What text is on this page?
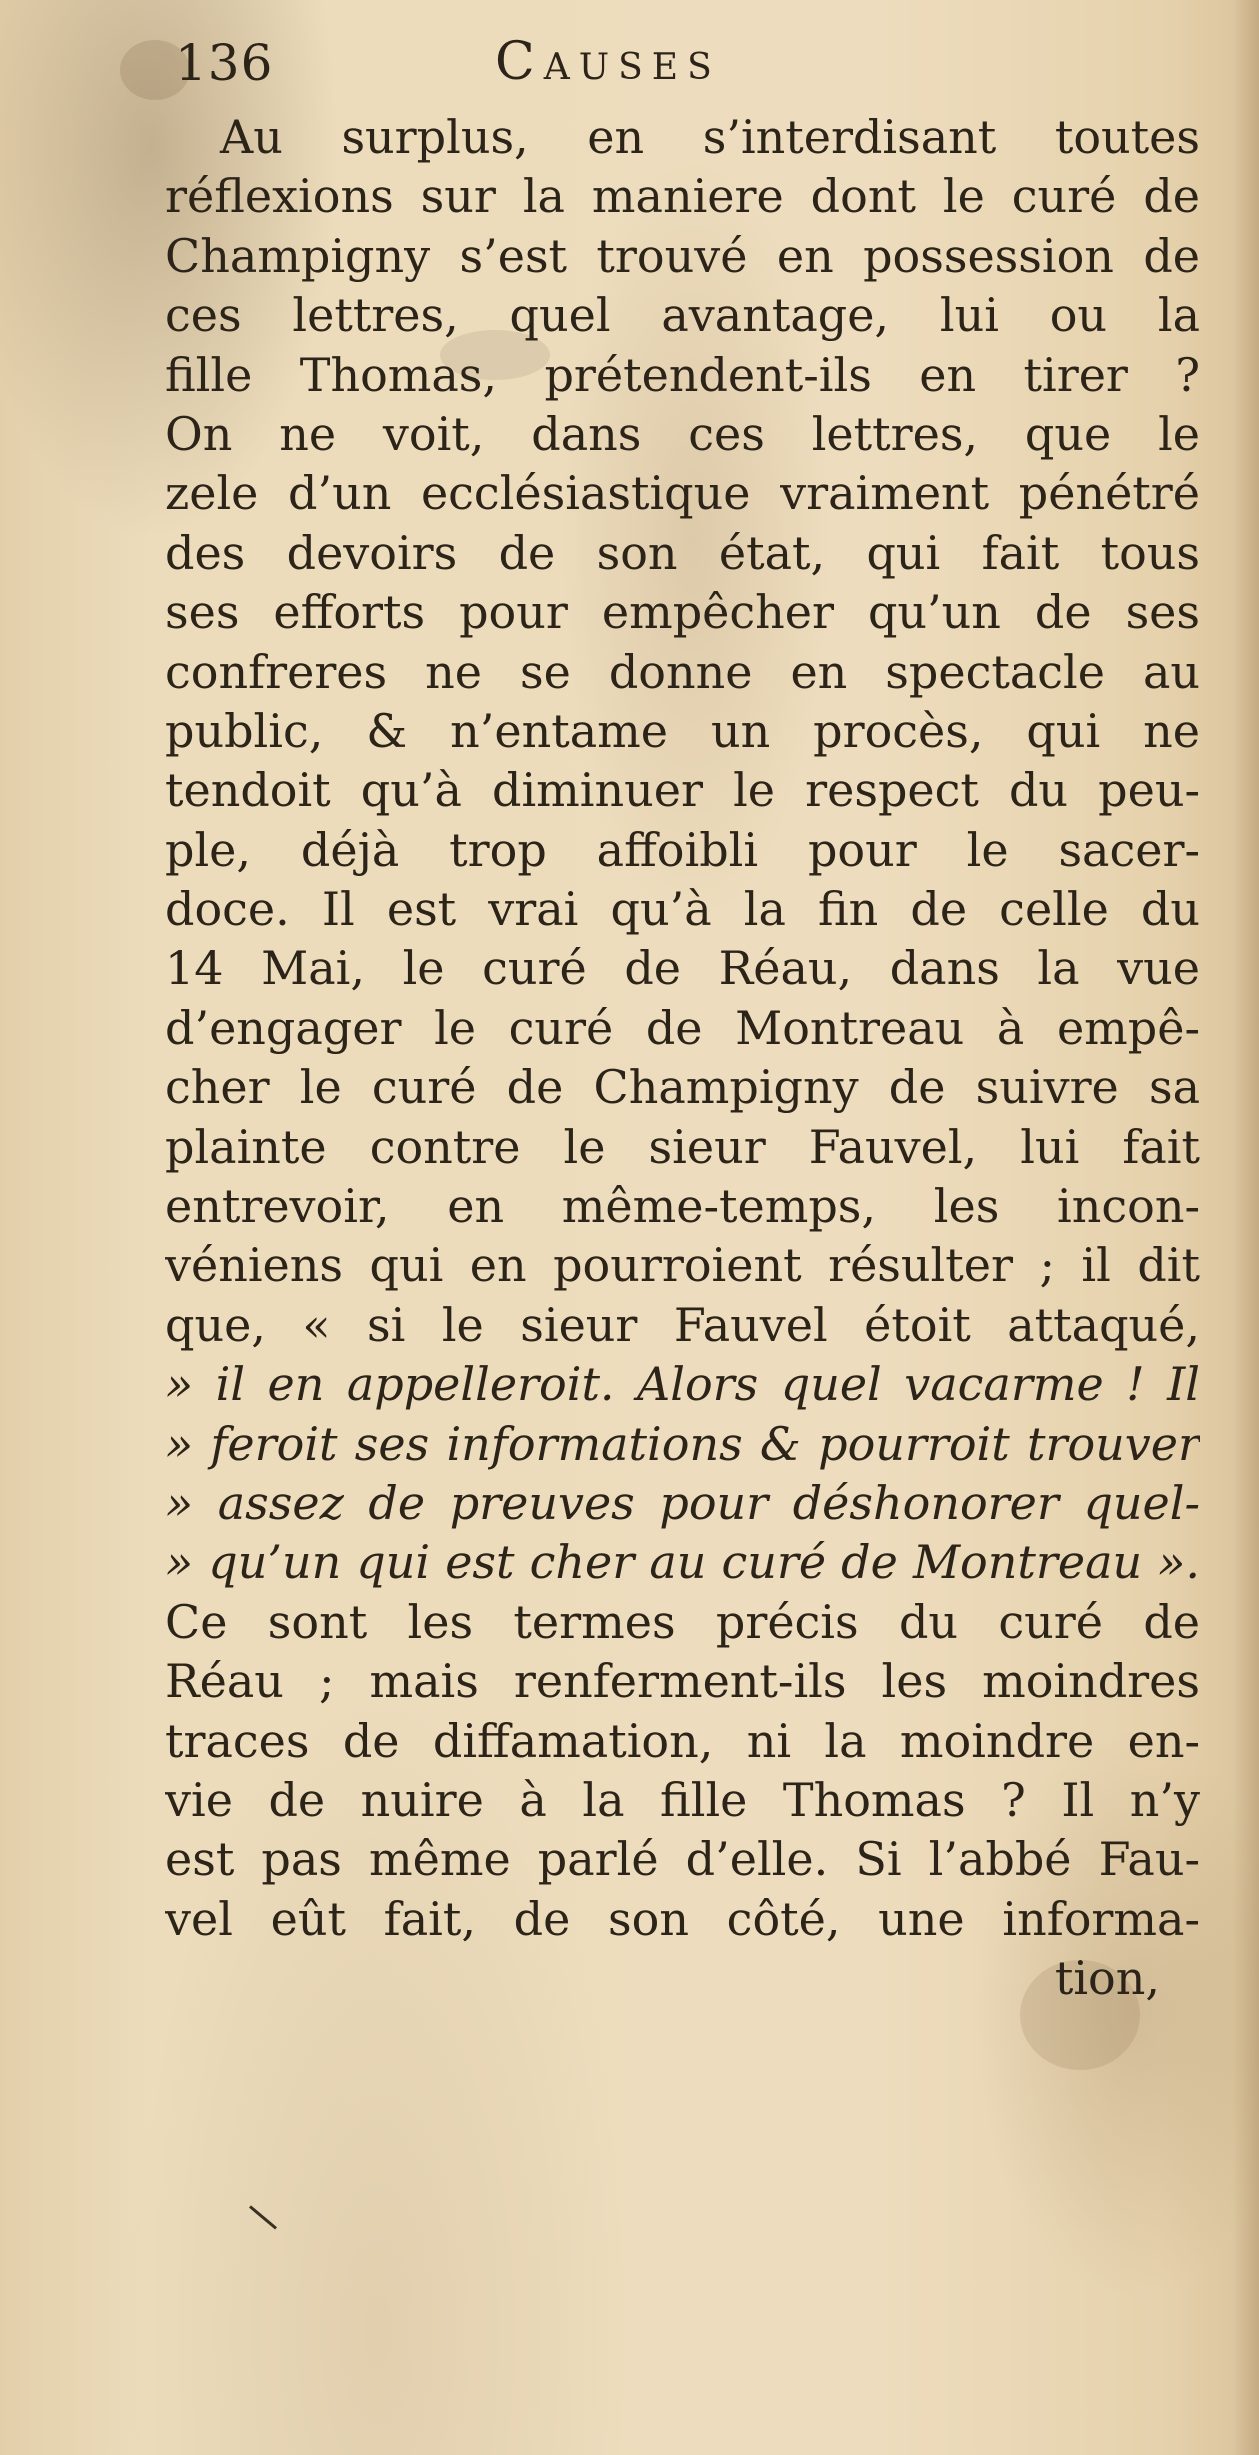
136	Causes
Au surplus, en s’interdisant toutes
réflexions sur la maniere dont le curé de
Champigny s’est trouvé en possession de
ces lettres, quel avantage, lui ou la
fille Thomas, prétendent-ils en tirer ?
On ne voit, dans ces lettres, que le
zele d’un ecclésiastique vraiment pénétré
des devoirs de son état, qui fait tous
ses efforts pour empêcher qu’un de ses
confreres ne se donne en spectacle au
public, & n’entame un procès, qui ne
tendoit qu’à diminuer le respect du peu-
ple, déjà trop affoibli pour le sacer-
doce. Il est vrai qu’à la fin de celle du
14 Mai, le curé de Réau, dans la vue
d’engager le curé de Montreau à empê-
cher le curé de Champigny de suivre sa
plainte contre le sieur Fauvel, lui fait
entrevoir, en même-temps, les incon-
véniens qui en pourroient résulter ; il dit
que, « si le sieur Fauvel étoit attaqué,
» il en appelleroit. Alors quel vacarme ! Il
» feroit ses informations & pourroit trouver
» assez de preuves pour déshonorer quel-
» qu’un qui est cher au curé de Montreau ».
Ce sont les termes précis du curé de
Réau ; mais renferment-ils les moindres
traces de diffamation, ni la moindre en-
vie de nuire à la fille Thomas ? Il n’y
est pas même parlé d’elle. Si l’abbé Fau-
vel eût fait, de son côté, une informa-
tion,
